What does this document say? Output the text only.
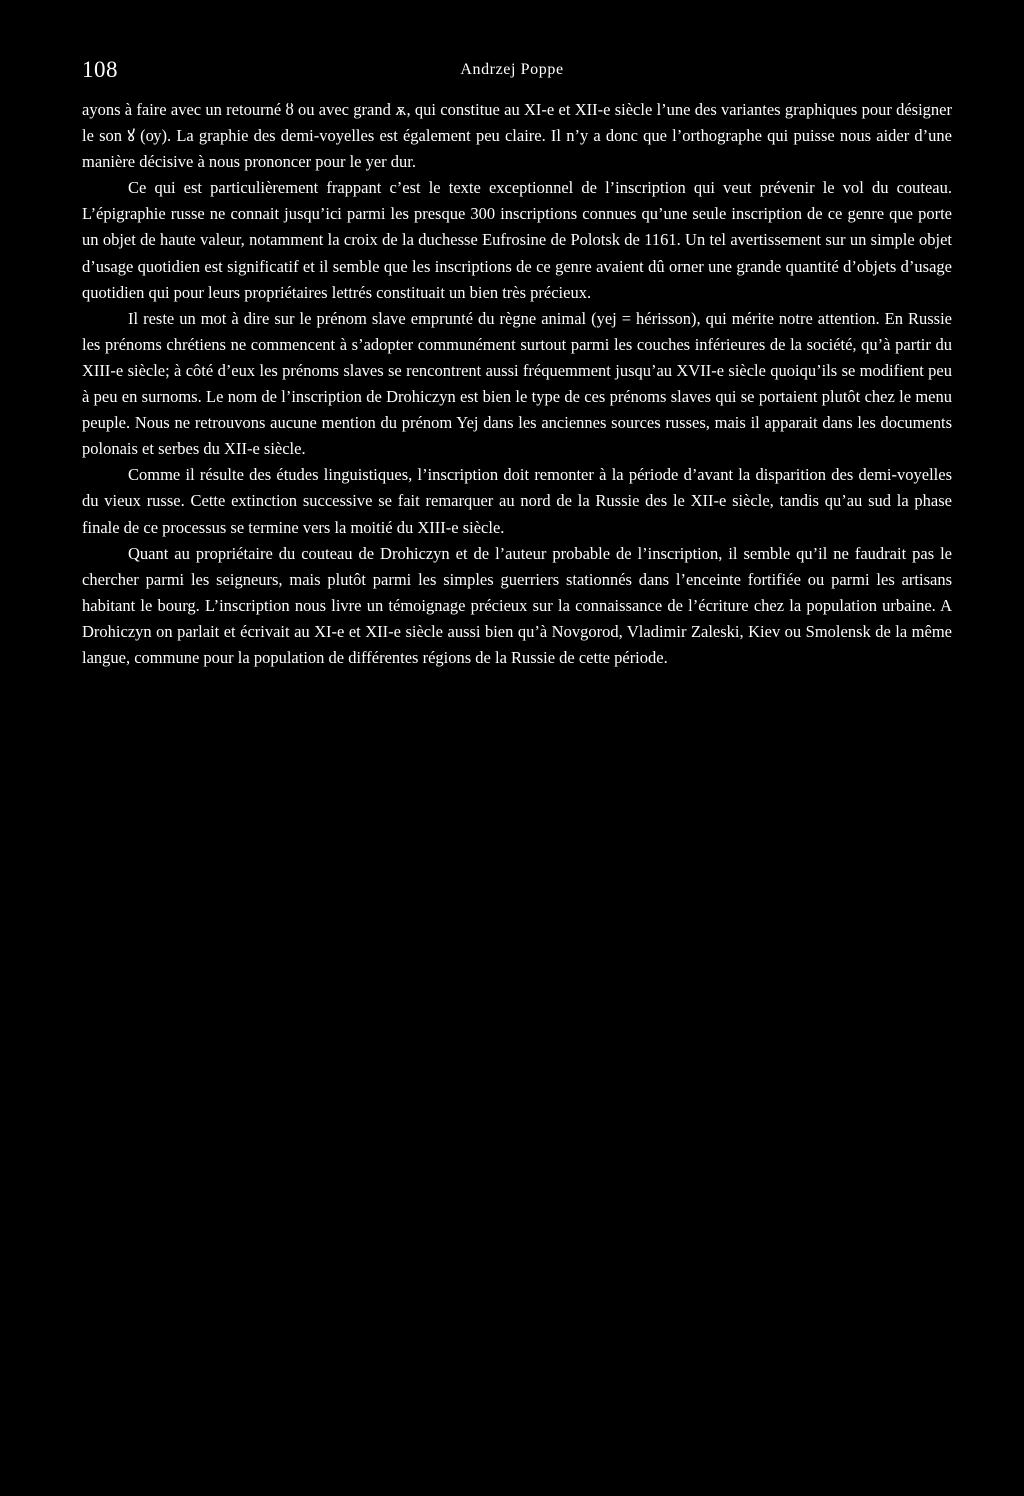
108	Andrzej Poppe

ayons à faire avec un retourné ȣ ou avec grand ѫ, qui constitue au XI-e et XII-e siècle l’une des variantes graphiques pour désigner le son ꙋ (оу). La graphie des demi-voyelles est également peu claire. Il n’y a donc que l’orthographe qui puisse nous aider d’une manière décisive à nous prononcer pour le yer dur.

Ce qui est particulièrement frappant c’est le texte exceptionnel de l’inscription qui veut prévenir le vol du couteau. L’épigraphie russe ne connait jusqu’ici parmi les presque 300 inscriptions connues qu’une seule inscription de ce genre que porte un objet de haute valeur, notamment la croix de la duchesse Eufrosine de Polotsk de 1161. Un tel avertissement sur un simple objet d’usage quotidien est significatif et il semble que les inscriptions de ce genre avaient dû orner une grande quantité d’objets d’usage quotidien qui pour leurs propriétaires lettrés constituait un bien très précieux.

Il reste un mot à dire sur le prénom slave emprunté du règne animal (yej = hérisson), qui mérite notre attention. En Russie les prénoms chrétiens ne commencent à s’adopter communément surtout parmi les couches inférieures de la société, qu’à partir du XIII-e siècle; à côté d’eux les prénoms slaves se rencontrent aussi fréquemment jusqu’au XVII-e siècle quoiqu’ils se modifient peu à peu en surnoms. Le nom de l’inscription de Drohiczyn est bien le type de ces prénoms slaves qui se portaient plutôt chez le menu peuple. Nous ne retrouvons aucune mention du prénom Yej dans les anciennes sources russes, mais il apparait dans les documents polonais et serbes du XII-e siècle.

Comme il résulte des études linguistiques, l’inscription doit remonter à la période d’avant la disparition des demi-voyelles du vieux russe. Cette extinction successive se fait remarquer au nord de la Russie des le XII-e siècle, tandis qu’au sud la phase finale de ce processus se termine vers la moitié du XIII-e siècle.

Quant au propriétaire du couteau de Drohiczyn et de l’auteur probable de l’inscription, il semble qu’il ne faudrait pas le chercher parmi les seigneurs, mais plutôt parmi les simples guerriers stationnés dans l’enceinte fortifiée ou parmi les artisans habitant le bourg. L’inscription nous livre un témoignage précieux sur la connaissance de l’écriture chez la population urbaine. A Drohiczyn on parlait et écrivait au XI-e et XII-e siècle aussi bien qu’à Novgorod, Vladimir Zaleski, Kiev ou Smolensk de la même langue, commune pour la population de différentes régions de la Russie de cette période.
